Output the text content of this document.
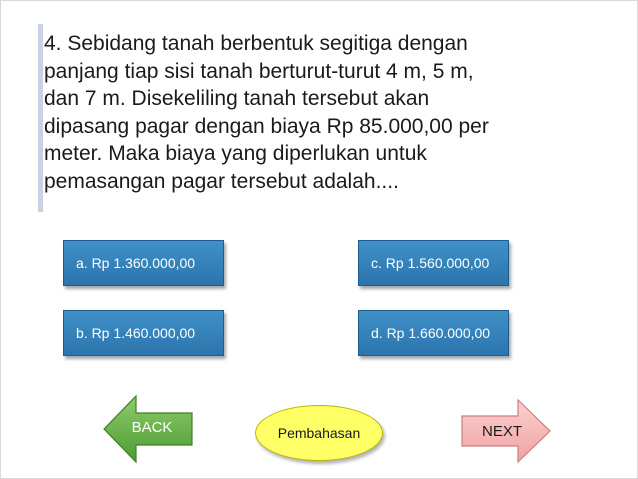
4. Sebidang tanah berbentuk segitiga dengan
panjang tiap sisi tanah berturut-turut 4 m, 5 m,
dan 7 m. Disekeliling tanah tersebut akan
dipasang pagar dengan biaya Rp 85.000,00 per
meter. Maka biaya yang diperlukan untuk
pemasangan pagar tersebut adalah....
a. Rp 1.360.000,00	c. Rp 1.560.000,00
b. Rp 1.460.000,00	d. Rp 1.660.000,00
BACK	Pembahasan	NEXT
